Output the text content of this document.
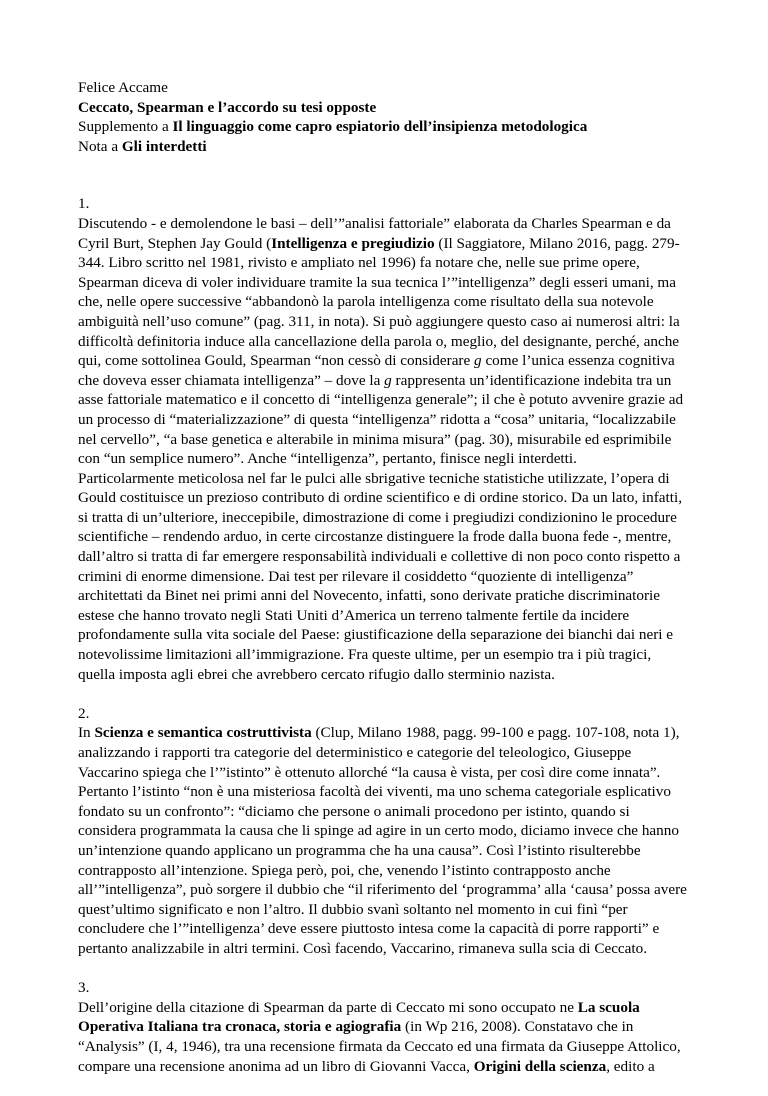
Felice Accame
Ceccato, Spearman e l’accordo su tesi opposte
Supplemento a Il linguaggio come capro espiatorio dell’insipienza metodologica
Nota a Gli interdetti
1.

Discutendo - e demolendone le basi – dell’”analisi fattoriale” elaborata da Charles Spearman e da Cyril Burt, Stephen Jay Gould (Intelligenza e pregiudizio (Il Saggiatore, Milano 2016, pagg. 279-344. Libro scritto nel 1981, rivisto e ampliato nel 1996) fa notare che, nelle sue prime opere, Spearman diceva di voler individuare tramite la sua tecnica l’”intelligenza” degli esseri umani, ma che, nelle opere successive “abbandonò la parola intelligenza come risultato della sua notevole ambiguità nell’uso comune” (pag. 311, in nota). Si può aggiungere questo caso ai numerosi altri: la difficoltà definitoria induce alla cancellazione della parola o, meglio, del designante, perché, anche qui, come sottolinea Gould, Spearman “non cessò di considerare g come l’unica essenza cognitiva che doveva esser chiamata intelligenza” – dove la g rappresenta un’identificazione indebita tra un asse fattoriale matematico e il concetto di “intelligenza generale”; il che è potuto avvenire grazie ad un processo di “materializzazione” di questa “intelligenza” ridotta a “cosa” unitaria, “localizzabile nel cervello”, “a base genetica e alterabile in minima misura” (pag. 30), misurabile ed esprimibile con “un semplice numero”. Anche “intelligenza”, pertanto, finisce negli interdetti.

Particolarmente meticolosa nel far le pulci alle sbrigative tecniche statistiche utilizzate, l’opera di Gould costituisce un prezioso contributo di ordine scientifico e di ordine storico. Da un lato, infatti, si tratta di un’ulteriore, ineccepibile, dimostrazione di come i pregiudizi condizionino le procedure scientifiche – rendendo arduo, in certe circostanze distinguere la frode dalla buona fede -, mentre, dall’altro si tratta di far emergere responsabilità individuali e collettive di non poco conto rispetto a crimini di enorme dimensione. Dai test per rilevare il cosiddetto “quoziente di intelligenza” architettati da Binet nei primi anni del Novecento, infatti, sono derivate pratiche discriminatorie estese che hanno trovato negli Stati Uniti d’America un terreno talmente fertile da incidere profondamente sulla vita sociale del Paese: giustificazione della separazione dei bianchi dai neri e notevolissime limitazioni all’immigrazione. Fra queste ultime, per un esempio tra i più tragici, quella imposta agli ebrei che avrebbero cercato rifugio dallo sterminio nazista.

2.

In Scienza e semantica costruttivista (Clup, Milano 1988, pagg. 99-100 e pagg. 107-108, nota 1), analizzando i rapporti tra categorie del deterministico e categorie del teleologico, Giuseppe Vaccarino spiega che l’”istinto” è ottenuto allorché “la causa è vista, per così dire come innata”. Pertanto l’istinto “non è una misteriosa facoltà dei viventi, ma uno schema categoriale esplicativo fondato su un confronto”: “diciamo che persone o animali procedono per istinto, quando si considera programmata la causa che li spinge ad agire in un certo modo, diciamo invece che hanno un’intenzione quando applicano un programma che ha una causa”. Così l’istinto risulterebbe contrapposto all’intenzione. Spiega però, poi, che, venendo l’istinto contrapposto anche all’”intelligenza”, può sorgere il dubbio che “il riferimento del ‘programma’ alla ‘causa’ possa avere quest’ultimo significato e non l’altro. Il dubbio svanì soltanto nel momento in cui finì “per concludere che l’”intelligenza’ deve essere piuttosto intesa come la capacità di porre rapporti” e pertanto analizzabile in altri termini. Così facendo, Vaccarino, rimaneva sulla scia di Ceccato.

3.

Dell’origine della citazione di Spearman da parte di Ceccato mi sono occupato ne La scuola Operativa Italiana tra cronaca, storia e agiografia (in Wp 216, 2008). Constatavo che in “Analysis” (I, 4, 1946), tra una recensione firmata da Ceccato ed una firmata da Giuseppe Attolico, compare una recensione anonima ad un libro di Giovanni Vacca, Origini della scienza, edito a
